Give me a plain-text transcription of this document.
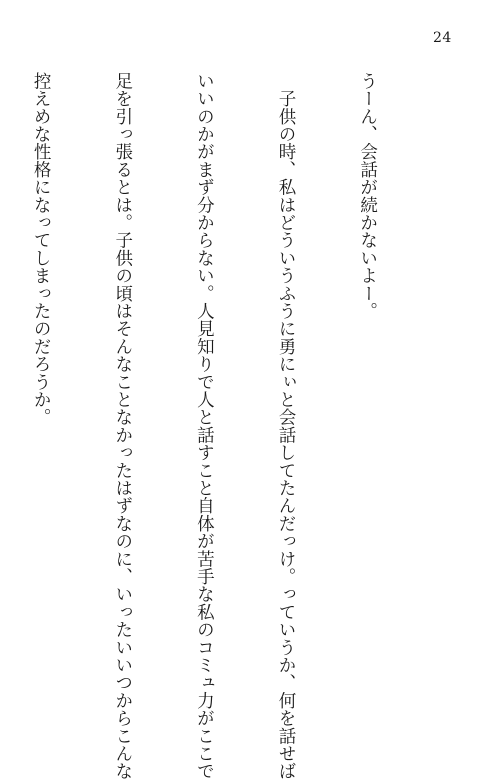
24

うーん、会話が続かないよー。

　子供の時、私はどういうふうに勇にぃと会話してたんだっけ。っていうか、何を話せば

いいのかがまず分からない。人見知りで人と話すこと自体が苦手な私のコミュ力がここで

足を引っ張るとは。子供の頃はそんなことなかったはずなのに、いったいいつからこんな

控えめな性格になってしまったのだろうか。
